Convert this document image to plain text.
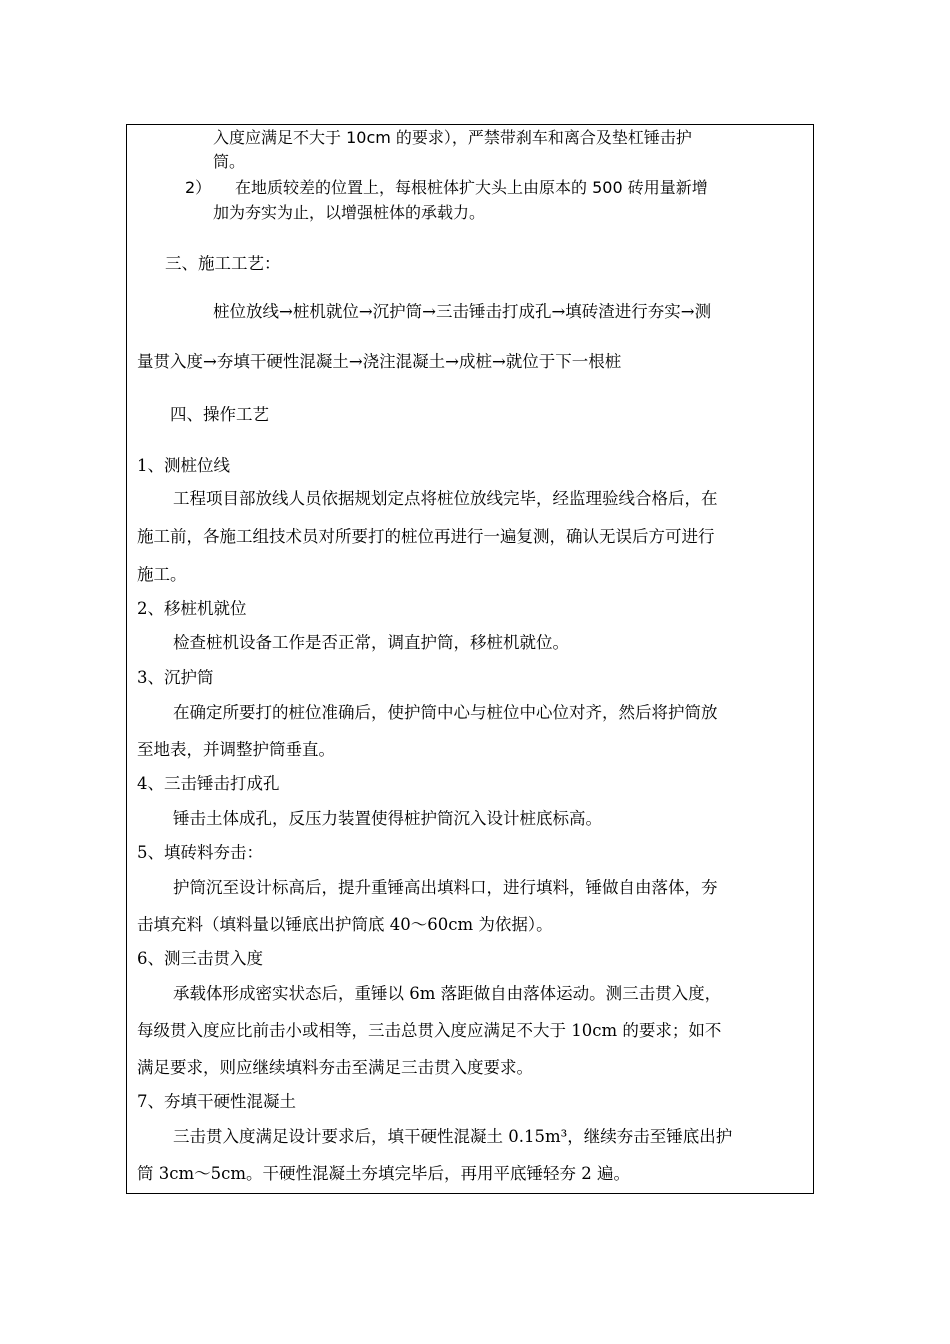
入度应满足不大于 10cm 的要求），严禁带刹车和离合及垫杠锤击护
筒。
2） 在地质较差的位置上，每根桩体扩大头上由原本的 500 砖用量新增
加为夯实为止，以增强桩体的承载力。
三、施工工艺：
桩位放线→桩机就位→沉护筒→三击锤击打成孔→填砖渣进行夯实→测
量贯入度→夯填干硬性混凝土→浇注混凝土→成桩→就位于下一根桩
四、操作工艺
1、测桩位线
工程项目部放线人员依据规划定点将桩位放线完毕，经监理验线合格后，在
施工前，各施工组技术员对所要打的桩位再进行一遍复测，确认无误后方可进行
施工。
2、移桩机就位
检查桩机设备工作是否正常，调直护筒，移桩机就位。
3、沉护筒
在确定所要打的桩位准确后，使护筒中心与桩位中心位对齐，然后将护筒放
至地表，并调整护筒垂直。
4、三击锤击打成孔
锤击土体成孔，反压力装置使得桩护筒沉入设计桩底标高。
5、填砖料夯击：
护筒沉至设计标高后，提升重锤高出填料口，进行填料，锤做自由落体，夯
击填充料（填料量以锤底出护筒底 40～60cm 为依据）。
6、测三击贯入度
承载体形成密实状态后，重锤以 6m 落距做自由落体运动。测三击贯入度，
每级贯入度应比前击小或相等，三击总贯入度应满足不大于 10cm 的要求；如不
满足要求，则应继续填料夯击至满足三击贯入度要求。
7、夯填干硬性混凝土
三击贯入度满足设计要求后，填干硬性混凝土 0.15m³，继续夯击至锤底出护
筒 3cm～5cm。干硬性混凝土夯填完毕后，再用平底锤轻夯 2 遍。
